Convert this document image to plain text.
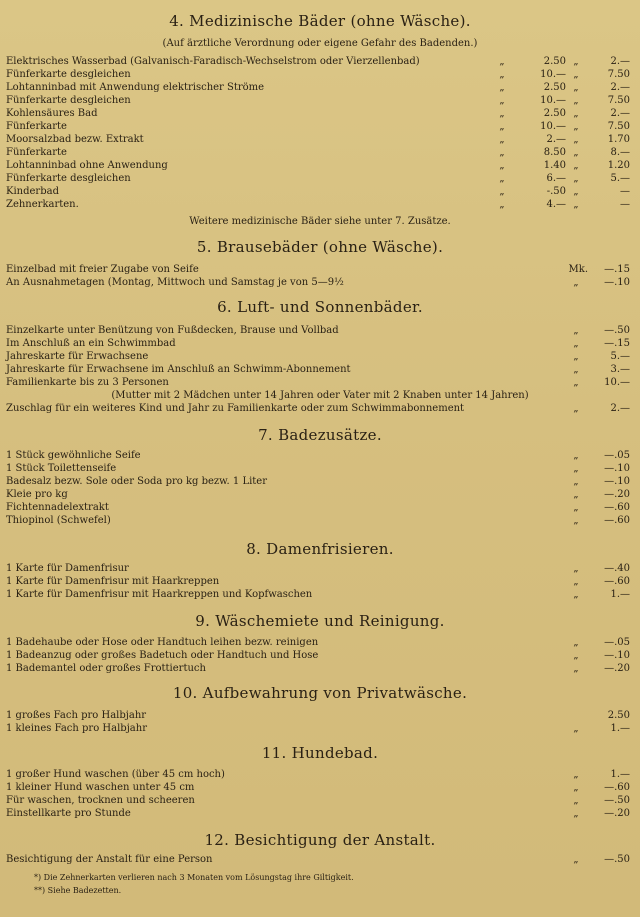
4. Medizinische Bäder (ohne Wäsche).
(Auf ärztliche Verordnung oder eigene Gefahr des Badenden.)
Elektrisches Wasserbad (Galvanisch-Faradisch-Wechselstrom oder Vierzellenbad)	„	2.50 „	2.—
Fünferkarte desgleichen	„	10.— „	7.50
Lohtanninbad mit Anwendung elektrischer Ströme	„	2.50 „	2.—
Fünferkarte desgleichen	„	10.— „	7.50
Kohlensäures Bad	„	2.50 „	2.—
Fünferkarte	„	10.— „	7.50
Moorsalzbad bezw. Extrakt	„	2.— „	1.70
Fünferkarte	„	8.50 „	8.—
Lohtanninbad ohne Anwendung	„	1.40 „	1.20
Fünferkarte desgleichen	„	6.— „	5.—
Kinderbad	„	-.50 „	—
Zehnerkarten.	„	4.— „	—
Weitere medizinische Bäder siehe unter 7. Zusätze.
5. Brausebäder (ohne Wäsche).
Einzelbad mit freier Zugabe von Seife	Mk.	—.15
An Ausnahmetagen (Montag, Mittwoch und Samstag je von 5—9½	„	—.10
6. Luft- und Sonnenbäder.
Einzelkarte unter Benützung von Fußdecken, Brause und Vollbad	„	—.50
Im Anschluß an ein Schwimmbad	„	—.15
Jahreskarte für Erwachsene	„	5.—
Jahreskarte für Erwachsene im Anschluß an Schwimm-Abonnement	„	3.—
Familienkarte bis zu 3 Personen	„	10.—
(Mutter mit 2 Mädchen unter 14 Jahren oder Vater mit 2 Knaben unter 14 Jahren)
Zuschlag für ein weiteres Kind und Jahr zu Familienkarte oder zum Schwimmabonnement	„	2.—
7. Badezusätze.
1 Stück gewöhnliche Seife	„	—.05
1 Stück Toilettenseife	„	—.10
Badesalz bezw. Sole oder Soda pro kg bezw. 1 Liter	„	—.10
Kleie pro kg	„	—.20
Fichtennadelextrakt	„	—.60
Thiopinol (Schwefel)	„	—.60
8. Damenfrisieren.
1 Karte für Damenfrisur	„	—.40
1 Karte für Damenfrisur mit Haarkreppen	„	—.60
1 Karte für Damenfrisur mit Haarkreppen und Kopfwaschen	„	1.—
9. Wäschemiete und Reinigung.
1 Badehaube oder Hose oder Handtuch leihen bezw. reinigen	„	—.05
1 Badeanzug oder großes Badetuch oder Handtuch und Hose	„	—.10
1 Bademantel oder großes Frottiertuch	„	—.20
10. Aufbewahrung von Privatwäsche.
1 großes Fach pro Halbjahr	2.50
1 kleines Fach pro Halbjahr	„	1.—
11. Hundebad.
1 großer Hund waschen (über 45 cm hoch)	„	1.—
1 kleiner Hund waschen unter 45 cm	„	—.60
Für waschen, trocknen und scheeren	„	—.50
Einstellkarte pro Stunde	„	—.20
12. Besichtigung der Anstalt.
Besichtigung der Anstalt für eine Person	„	—.50
*) Die Zehnerkarten verlieren nach 3 Monaten vom Lösungstag ihre Giltigkeit.
**) Siehe Badezetten.
